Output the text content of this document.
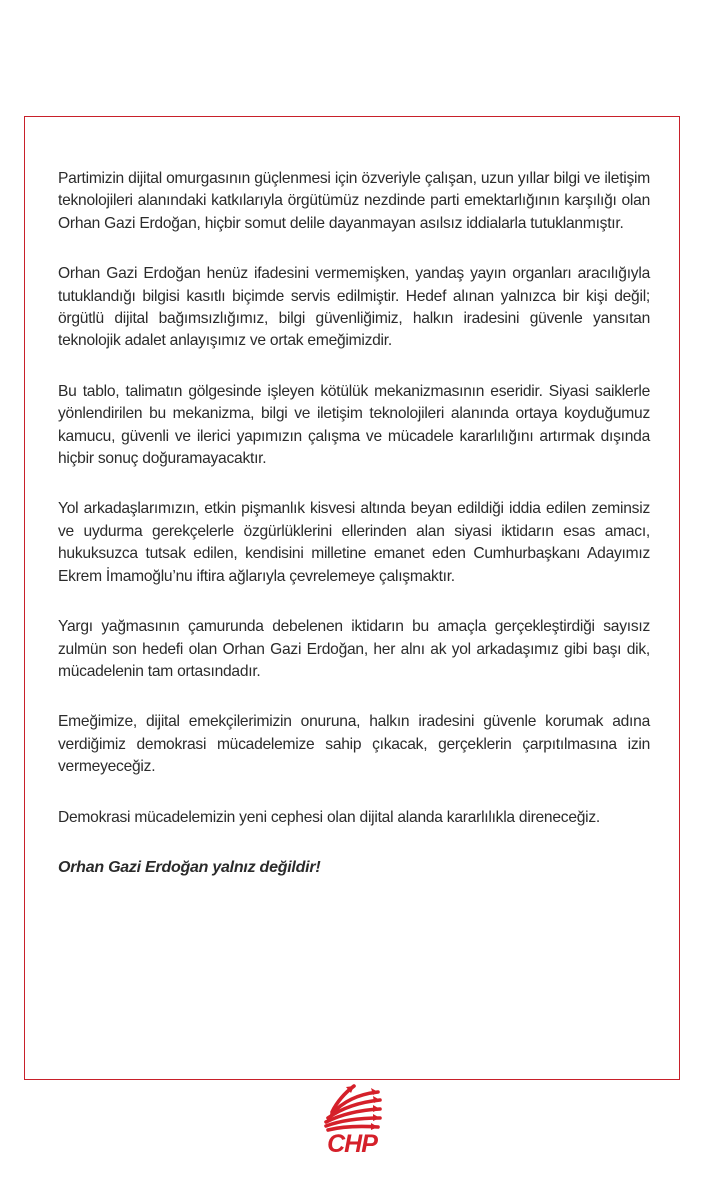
Partimizin dijital omurgasının güçlenmesi için özveriyle çalışan, uzun yıllar bilgi ve iletişim teknolojileri alanındaki katkılarıyla örgütümüz nezdinde parti emektarlığının karşılığı olan Orhan Gazi Erdoğan, hiçbir somut delile dayanmayan asılsız iddialarla tutuklanmıştır.

Orhan Gazi Erdoğan henüz ifadesini vermemişken, yandaş yayın organları aracılığıyla tutuklandığı bilgisi kasıtlı biçimde servis edilmiştir. Hedef alınan yalnızca bir kişi değil; örgütlü dijital bağımsızlığımız, bilgi güvenliğimiz, halkın iradesini güvenle yansıtan teknolojik adalet anlayışımız ve ortak emeğimizdir.

Bu tablo, talimatın gölgesinde işleyen kötülük mekanizmasının eseridir. Siyasi saiklerle yönlendirilen bu mekanizma, bilgi ve iletişim teknolojileri alanında ortaya koyduğumuz kamucu, güvenli ve ilerici yapımızın çalışma ve mücadele kararlılığını artırmak dışında hiçbir sonuç doğuramayacaktır.

Yol arkadaşlarımızın, etkin pişmanlık kisvesi altında beyan edildiği iddia edilen zeminsiz ve uydurma gerekçelerle özgürlüklerini ellerinden alan siyasi iktidarın esas amacı, hukuksuzca tutsak edilen, kendisini milletine emanet eden Cumhurbaşkanı Adayımız Ekrem İmamoğlu’nu iftira ağlarıyla çevrelemeye çalışmaktır.

Yargı yağmasının çamurunda debelenen iktidarın bu amaçla gerçekleştirdiği sayısız zulmün son hedefi olan Orhan Gazi Erdoğan, her alnı ak yol arkadaşımız gibi başı dik, mücadelenin tam ortasındadır.

Emeğimize, dijital emekçilerimizin onuruna, halkın iradesini güvenle korumak adına verdiğimiz demokrasi mücadelemize sahip çıkacak, gerçeklerin çarpıtılmasına izin vermeyeceğiz.

Demokrasi mücadelemizin yeni cephesi olan dijital alanda kararlılıkla direneceğiz.

Orhan Gazi Erdoğan yalnız değildir!

CHP
